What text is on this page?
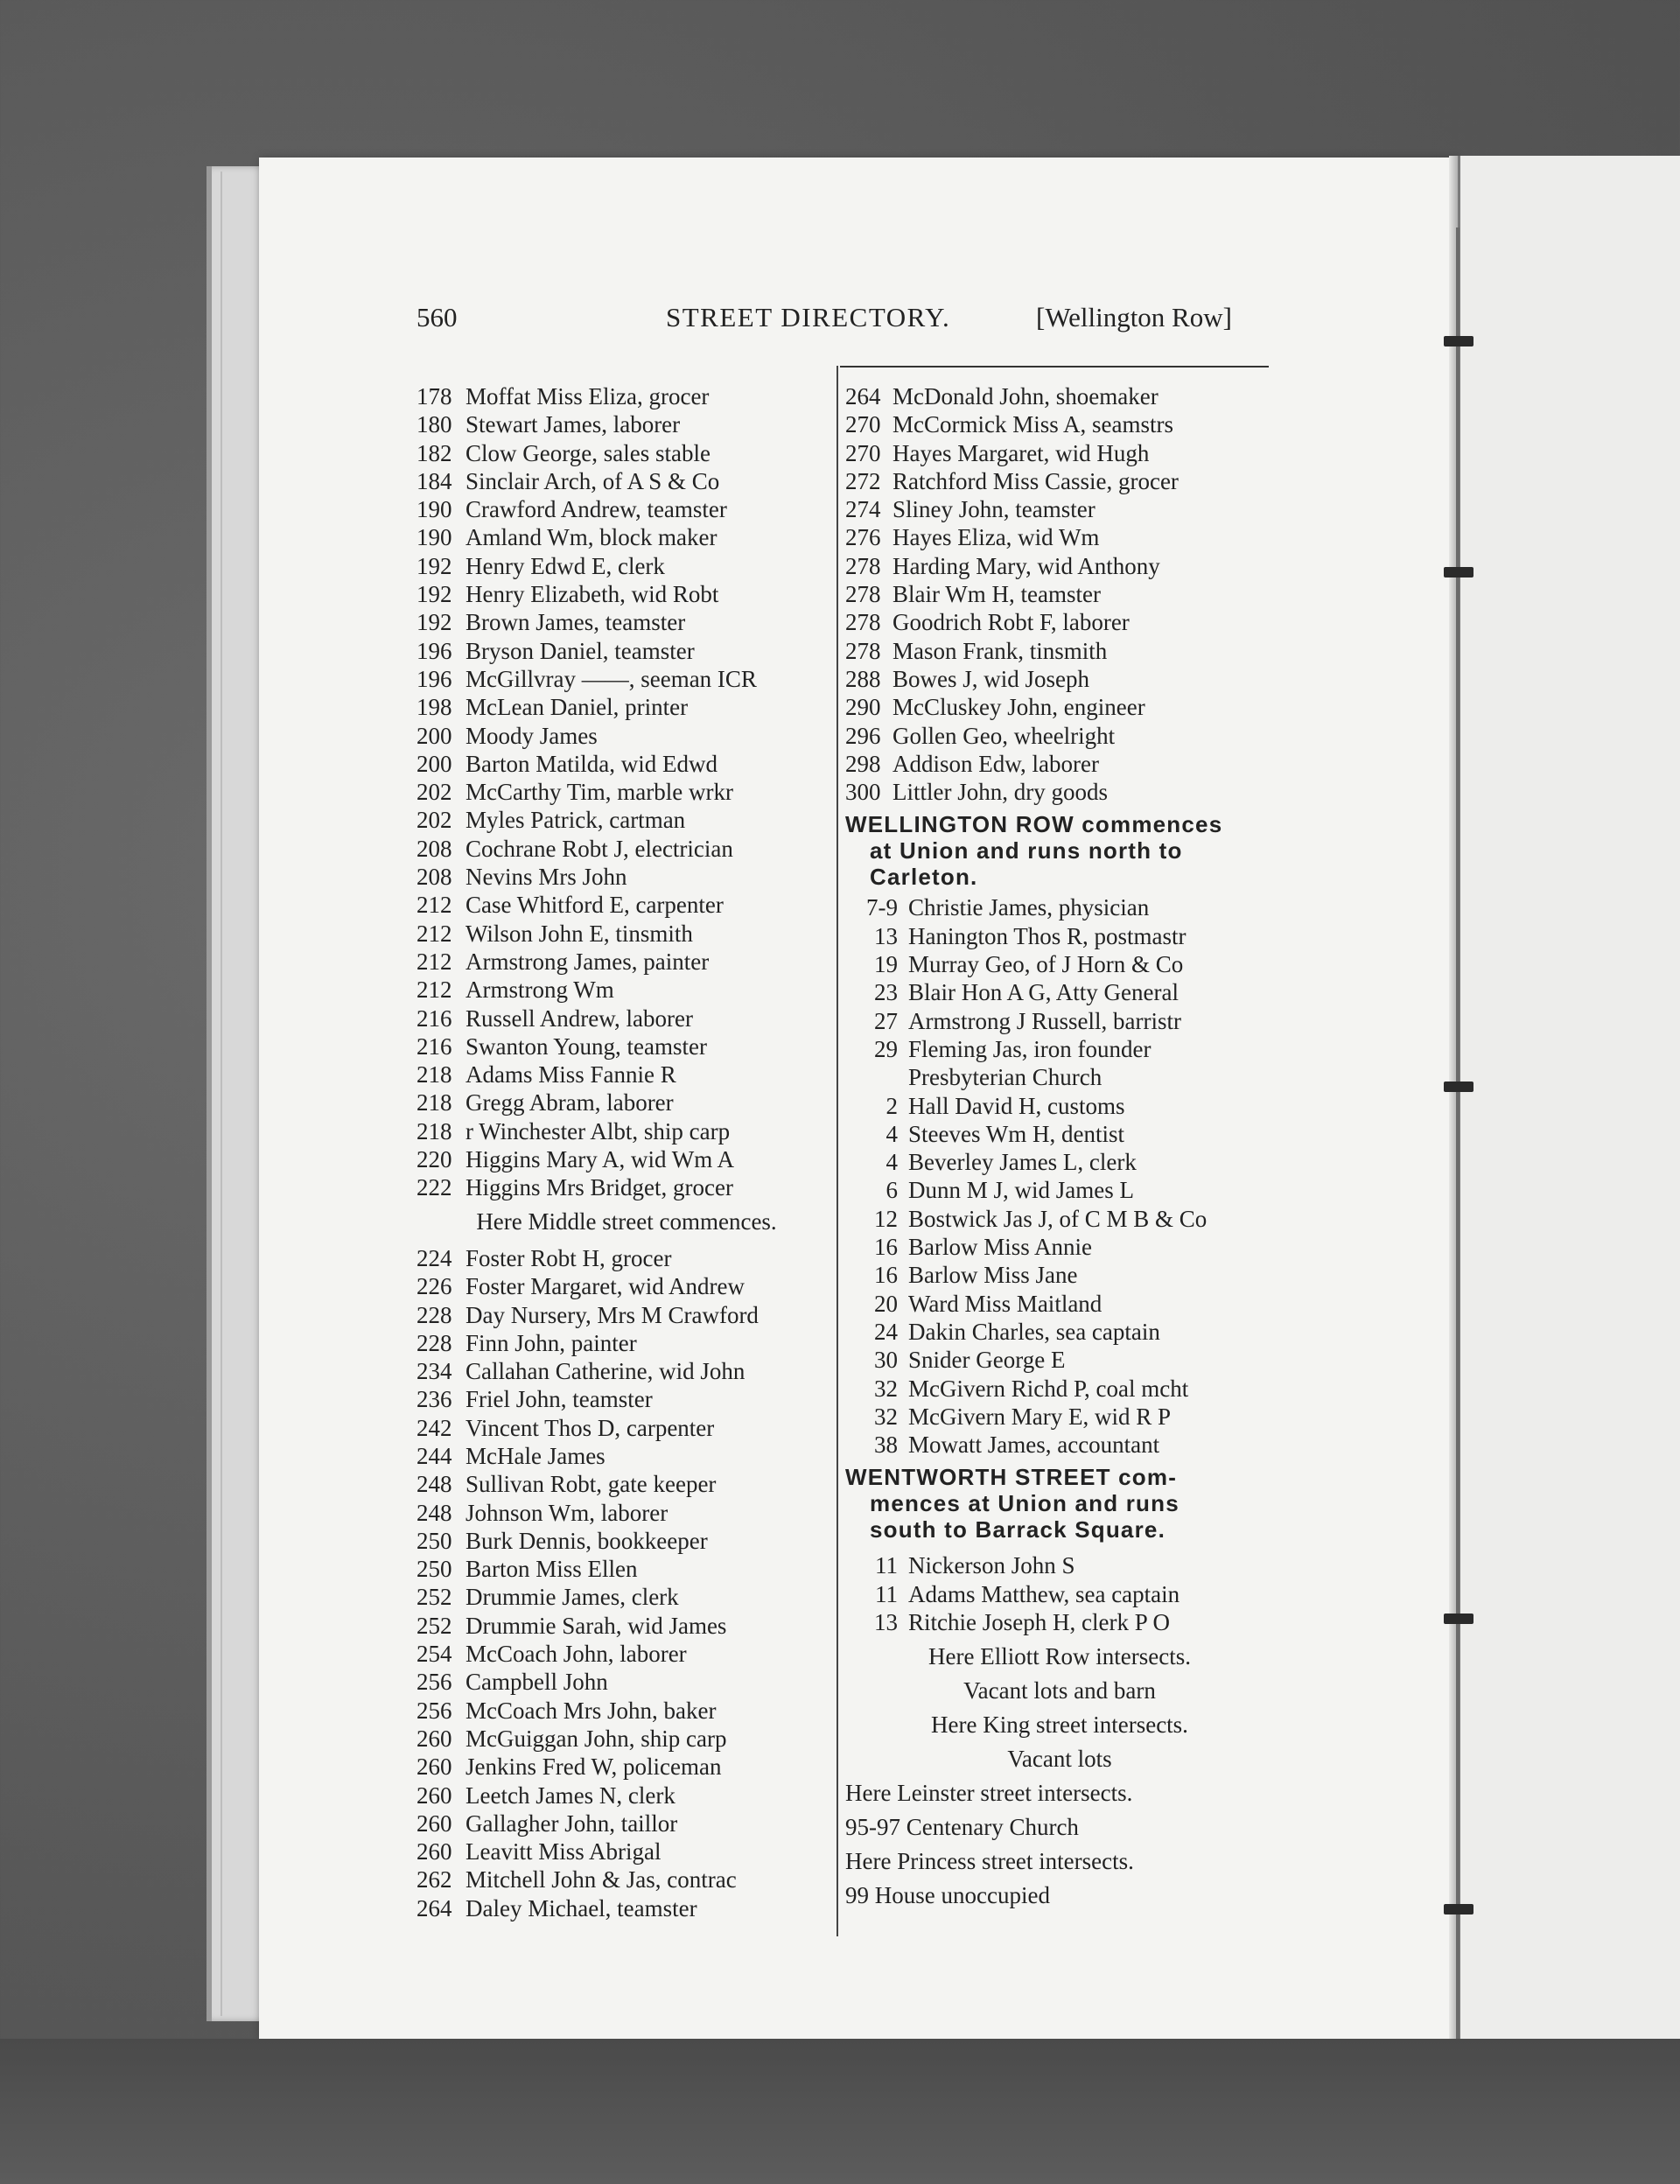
560	STREET DIRECTORY.	[Wellington Row]
178 Moffat Miss Eliza, grocer
180 Stewart James, laborer
182 Clow George, sales stable
184 Sinclair Arch, of A S & Co
190 Crawford Andrew, teamster
190 Amland Wm, block maker
192 Henry Edwd E, clerk
192 Henry Elizabeth, wid Robt
192 Brown James, teamster
196 Bryson Daniel, teamster
196 McGillvray ——, seeman ICR
198 McLean Daniel, printer
200 Moody James
200 Barton Matilda, wid Edwd
202 McCarthy Tim, marble wrkr
202 Myles Patrick, cartman
208 Cochrane Robt J, electrician
208 Nevins Mrs John
212 Case Whitford E, carpenter
212 Wilson John E, tinsmith
212 Armstrong James, painter
212 Armstrong Wm
216 Russell Andrew, laborer
216 Swanton Young, teamster
218 Adams Miss Fannie R
218 Gregg Abram, laborer
218 r Winchester Albt, ship carp
220 Higgins Mary A, wid Wm A
222 Higgins Mrs Bridget, grocer
Here Middle street commences.
224 Foster Robt H, grocer
226 Foster Margaret, wid Andrew
228 Day Nursery, Mrs M Crawford
228 Finn John, painter
234 Callahan Catherine, wid John
236 Friel John, teamster
242 Vincent Thos D, carpenter
244 McHale James
248 Sullivan Robt, gate keeper
248 Johnson Wm, laborer
250 Burk Dennis, bookkeeper
250 Barton Miss Ellen
252 Drummie James, clerk
252 Drummie Sarah, wid James
254 McCoach John, laborer
256 Campbell John
256 McCoach Mrs John, baker
260 McGuiggan John, ship carp
260 Jenkins Fred W, policeman
260 Leetch James N, clerk
260 Gallagher John, taillor
260 Leavitt Miss Abrigal
262 Mitchell John & Jas, contrac
264 Daley Michael, teamster
264 McDonald John, shoemaker
270 McCormick Miss A, seamstrs
270 Hayes Margaret, wid Hugh
272 Ratchford Miss Cassie, grocer
274 Sliney John, teamster
276 Hayes Eliza, wid Wm
278 Harding Mary, wid Anthony
278 Blair Wm H, teamster
278 Goodrich Robt F, laborer
278 Mason Frank, tinsmith
288 Bowes J, wid Joseph
290 McCluskey John, engineer
296 Gollen Geo, wheelright
298 Addison Edw, laborer
300 Littler John, dry goods
WELLINGTON ROW commences
at Union and runs north to
Carleton.
7-9 Christie James, physician
13 Hanington Thos R, postmastr
19 Murray Geo, of J Horn & Co
23 Blair Hon A G, Atty General
27 Armstrong J Russell, barristr
29 Fleming Jas, iron founder
Presbyterian Church
2 Hall David H, customs
4 Steeves Wm H, dentist
4 Beverley James L, clerk
6 Dunn M J, wid James L
12 Bostwick Jas J, of C M B & Co
16 Barlow Miss Annie
16 Barlow Miss Jane
20 Ward Miss Maitland
24 Dakin Charles, sea captain
30 Snider George E
32 McGivern Richd P, coal mcht
32 McGivern Mary E, wid R P
38 Mowatt James, accountant
WENTWORTH STREET com-
mences at Union and runs
south to Barrack Square.
11 Nickerson John S
11 Adams Matthew, sea captain
13 Ritchie Joseph H, clerk P O
Here Elliott Row intersects.
Vacant lots and barn
Here King street intersects.
Vacant lots
Here Leinster street intersects.
95-97 Centenary Church
Here Princess street intersects.
99 House unoccupied
